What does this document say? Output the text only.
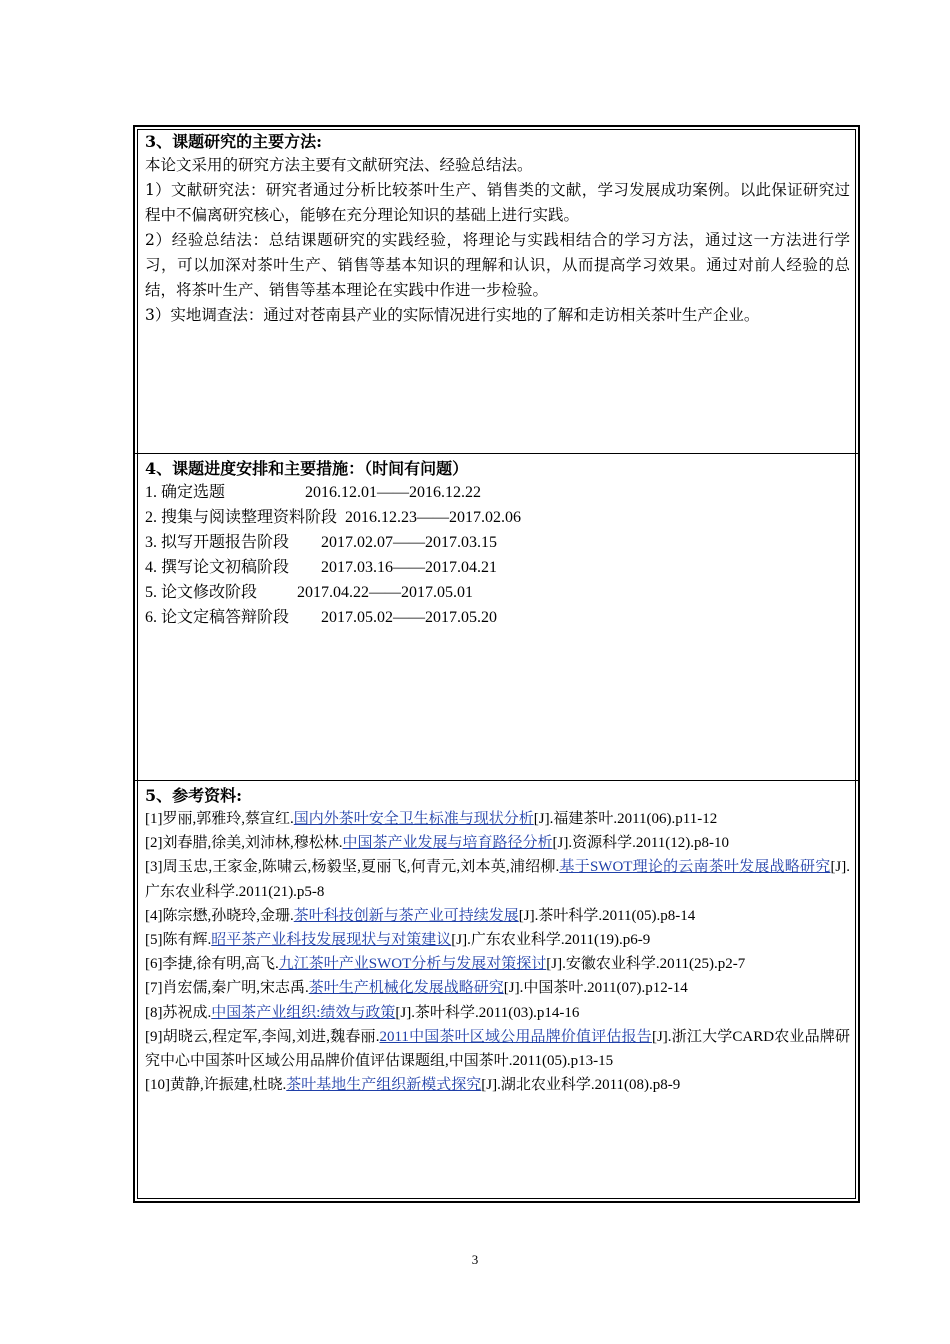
3、课题研究的主要方法:

本论文采用的研究方法主要有文献研究法、经验总结法。

1）文献研究法：研究者通过分析比较茶叶生产、销售类的文献，学习发展成功案例。以此保证研究过程中不偏离研究核心，能够在充分理论知识的基础上进行实践。

2）经验总结法：总结课题研究的实践经验，将理论与实践相结合的学习方法，通过这一方法进行学习，可以加深对茶叶生产、销售等基本知识的理解和认识，从而提高学习效果。通过对前人经验的总结，将茶叶生产、销售等基本理论在实践中作进一步检验。

3）实地调查法：通过对苍南县产业的实际情况进行实地的了解和走访相关茶叶生产企业。

4、课题进度安排和主要措施：（时间有问题）

1. 确定选题                    2016.12.01——2016.12.22

2. 搜集与阅读整理资料阶段  2016.12.23——2017.02.06

3. 拟写开题报告阶段        2017.02.07——2017.03.15

4. 撰写论文初稿阶段        2017.03.16——2017.04.21

5. 论文修改阶段          2017.04.22——2017.05.01

6. 论文定稿答辩阶段        2017.05.02——2017.05.20

5、参考资料:

[1]罗丽,郭雅玲,蔡宣红.国内外茶叶安全卫生标准与现状分析[J].福建茶叶.2011(06).p11-12

[2]刘春腊,徐美,刘沛林,穆松林.中国茶产业发展与培育路径分析[J].资源科学.2011(12).p8-10

[3]周玉忠,王家金,陈啸云,杨毅坚,夏丽飞,何青元,刘本英,浦绍柳.基于SWOT理论的云南茶叶发展战略研究[J].广东农业科学.2011(21).p5-8

[4]陈宗懋,孙晓玲,金珊.茶叶科技创新与茶产业可持续发展[J].茶叶科学.2011(05).p8-14

[5]陈有辉.昭平茶产业科技发展现状与对策建议[J].广东农业科学.2011(19).p6-9

[6]李捷,徐有明,高飞.九江茶叶产业SWOT分析与发展对策探讨[J].安徽农业科学.2011(25).p2-7

[7]肖宏儒,秦广明,宋志禹.茶叶生产机械化发展战略研究[J].中国茶叶.2011(07).p12-14

[8]苏祝成.中国茶产业组织:绩效与政策[J].茶叶科学.2011(03).p14-16

[9]胡晓云,程定军,李闯,刘进,魏春丽.2011中国茶叶区域公用品牌价值评估报告[J].浙江大学CARD农业品牌研究中心中国茶叶区域公用品牌价值评估课题组,中国茶叶.2011(05).p13-15

[10]黄静,许振建,杜晓.茶叶基地生产组织新模式探究[J].湖北农业科学.2011(08).p8-9

3
